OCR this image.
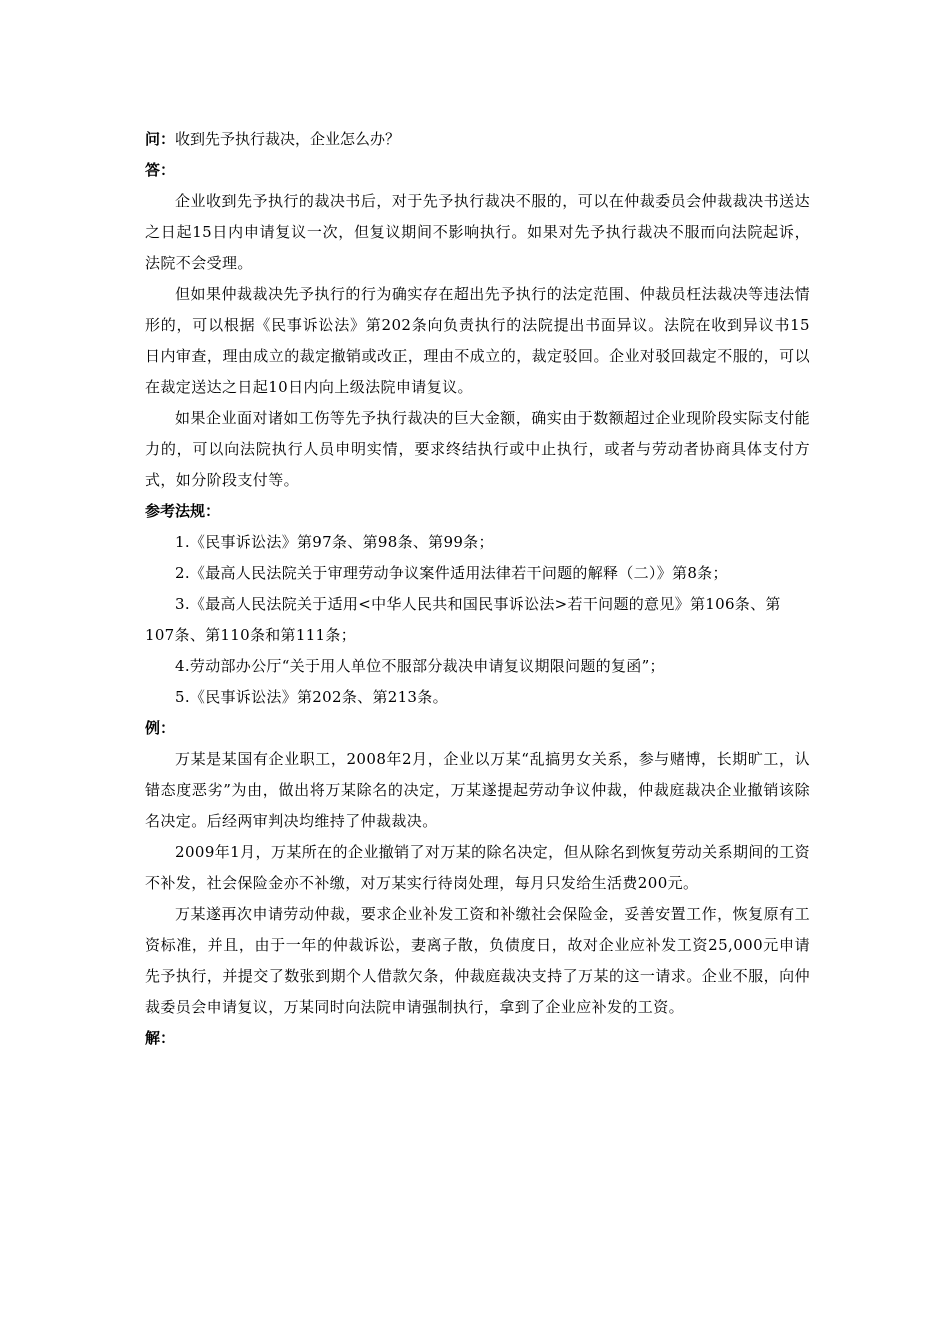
问：收到先予执行裁决，企业怎么办？

答：

企业收到先予执行的裁决书后，对于先予执行裁决不服的，可以在仲裁委员会仲裁裁决书送达之日起15日内申请复议一次，但复议期间不影响执行。如果对先予执行裁决不服而向法院起诉，法院不会受理。

但如果仲裁裁决先予执行的行为确实存在超出先予执行的法定范围、仲裁员枉法裁决等违法情形的，可以根据《民事诉讼法》第202条向负责执行的法院提出书面异议。法院在收到异议书15日内审查，理由成立的裁定撤销或改正，理由不成立的，裁定驳回。企业对驳回裁定不服的，可以在裁定送达之日起10日内向上级法院申请复议。

如果企业面对诸如工伤等先予执行裁决的巨大金额，确实由于数额超过企业现阶段实际支付能力的，可以向法院执行人员申明实情，要求终结执行或中止执行，或者与劳动者协商具体支付方式，如分阶段支付等。

参考法规：

1.《民事诉讼法》第97条、第98条、第99条；

2.《最高人民法院关于审理劳动争议案件适用法律若干问题的解释（二）》第8条；

3.《最高人民法院关于适用<中华人民共和国民事诉讼法>若干问题的意见》第106条、第107条、第110条和第111条；

4.劳动部办公厅“关于用人单位不服部分裁决申请复议期限问题的复函”；

5.《民事诉讼法》第202条、第213条。

例：

万某是某国有企业职工，2008年2月，企业以万某“乱搞男女关系，参与赌博，长期旷工，认错态度恶劣”为由，做出将万某除名的决定，万某遂提起劳动争议仲裁，仲裁庭裁决企业撤销该除名决定。后经两审判决均维持了仲裁裁决。

2009年1月，万某所在的企业撤销了对万某的除名决定，但从除名到恢复劳动关系期间的工资不补发，社会保险金亦不补缴，对万某实行待岗处理，每月只发给生活费200元。

万某遂再次申请劳动仲裁，要求企业补发工资和补缴社会保险金，妥善安置工作，恢复原有工资标准，并且，由于一年的仲裁诉讼，妻离子散，负债度日，故对企业应补发工资25,000元申请先予执行，并提交了数张到期个人借款欠条，仲裁庭裁决支持了万某的这一请求。企业不服，向仲裁委员会申请复议，万某同时向法院申请强制执行，拿到了企业应补发的工资。

解：
